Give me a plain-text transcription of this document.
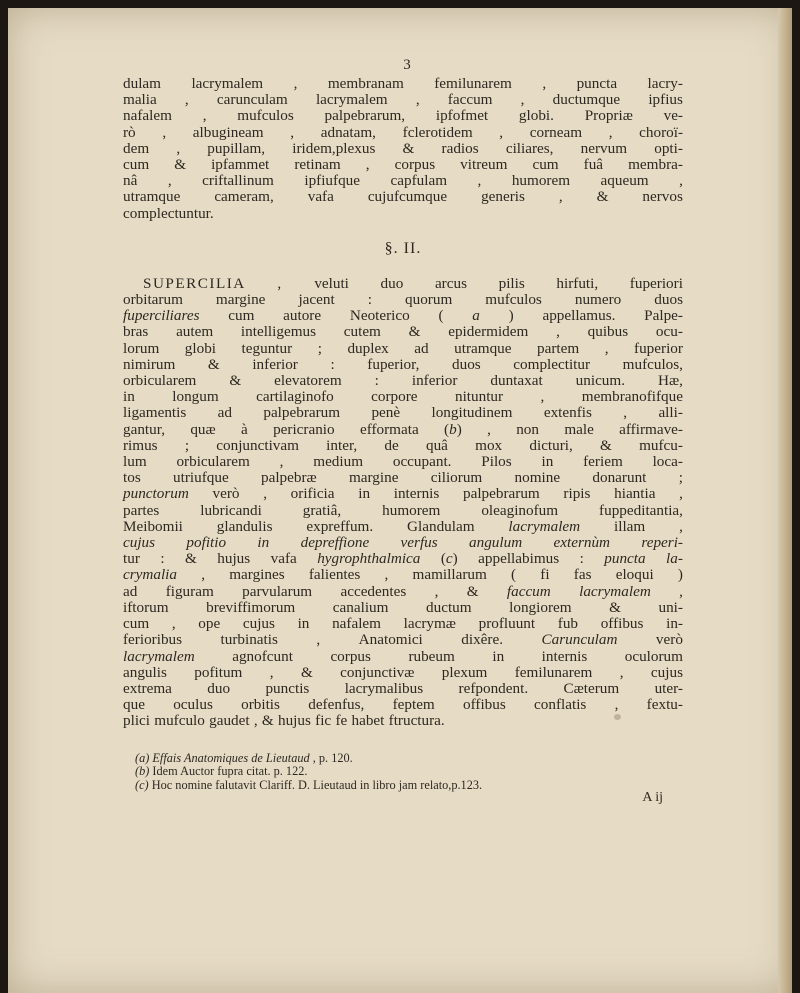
3
dulam lacrymalem , membranam femilunarem , puncta lacry-
malia , carunculam lacrymalem , faccum , ductumque ipfius
nafalem , mufculos palpebrarum, ipfofmet globi. Propriæ ve-
rò , albugineam , adnatam, fclerotidem , corneam , choroï-
dem , pupillam, iridem,plexus & radios ciliares, nervum opti-
cum & ipfammet retinam , corpus vitreum cum fuâ membra-
nâ , criftallinum ipfiufque capfulam , humorem aqueum ,
utramque cameram, vafa cujufcumque generis , & nervos
complectuntur.
§. II.
SUPERCILIA , veluti duo arcus pilis hirfuti, fuperiori
orbitarum margine jacent : quorum mufculos numero duos
fuperciliares cum autore Neoterico ( a ) appellamus. Palpe-
bras autem intelligemus cutem & epidermidem , quibus ocu-
lorum globi teguntur ; duplex ad utramque partem , fuperior
nimirum & inferior : fuperior, duos complectitur mufculos,
orbicularem & elevatorem : inferior duntaxat unicum. Hæ,
in longum cartilaginofo corpore nituntur , membranofifque
ligamentis ad palpebrarum penè longitudinem extenfis , alli-
gantur, quæ à pericranio efformata (b) , non male affirmave-
rimus ; conjunctivam inter, de quâ mox dicturi, & mufcu-
lum orbicularem , medium occupant. Pilos in feriem loca-
tos utriufque palpebræ margine ciliorum nomine donarunt ;
punctorum verò , orificia in internis palpebrarum ripis hiantia ,
partes	lubricandi	gratiâ,	humorem	oleaginofum	fuppeditantia,
Meibomii glandulis expreffum. Glandulam lacrymalem illam ,
cujus pofitio in depreffione verfus angulum externùm reperi-
tur : & hujus vafa hygrophthalmica (c) appellabimus : puncta la-
crymalia , margines falientes , mamillarum ( fi fas eloqui )
ad figuram parvularum accedentes , & faccum lacrymalem ,
iftorum breviffimorum canalium ductum longiorem & uni-
cum , ope cujus in nafalem lacrymæ profluunt fub offibus in-
ferioribus	turbinatis	,	Anatomici	dixêre.	Carunculam	verò
lacrymalem agnofcunt corpus rubeum in internis oculorum
angulis pofitum , & conjunctivæ plexum femilunarem , cujus
extrema duo punctis lacrymalibus refpondent. Cæterum uter-
que oculus orbitis defenfus, feptem offibus conflatis , fextu-
plici mufculo gaudet , & hujus fic fe habet ftructura.
(a) Effais Anatomiques de Lieutaud , p. 120.
(b) Idem Auctor fupra citat. p. 122.
(c) Hoc nomine falutavit Clariff. D. Lieutaud in libro jam relato,p.123.
A ij
